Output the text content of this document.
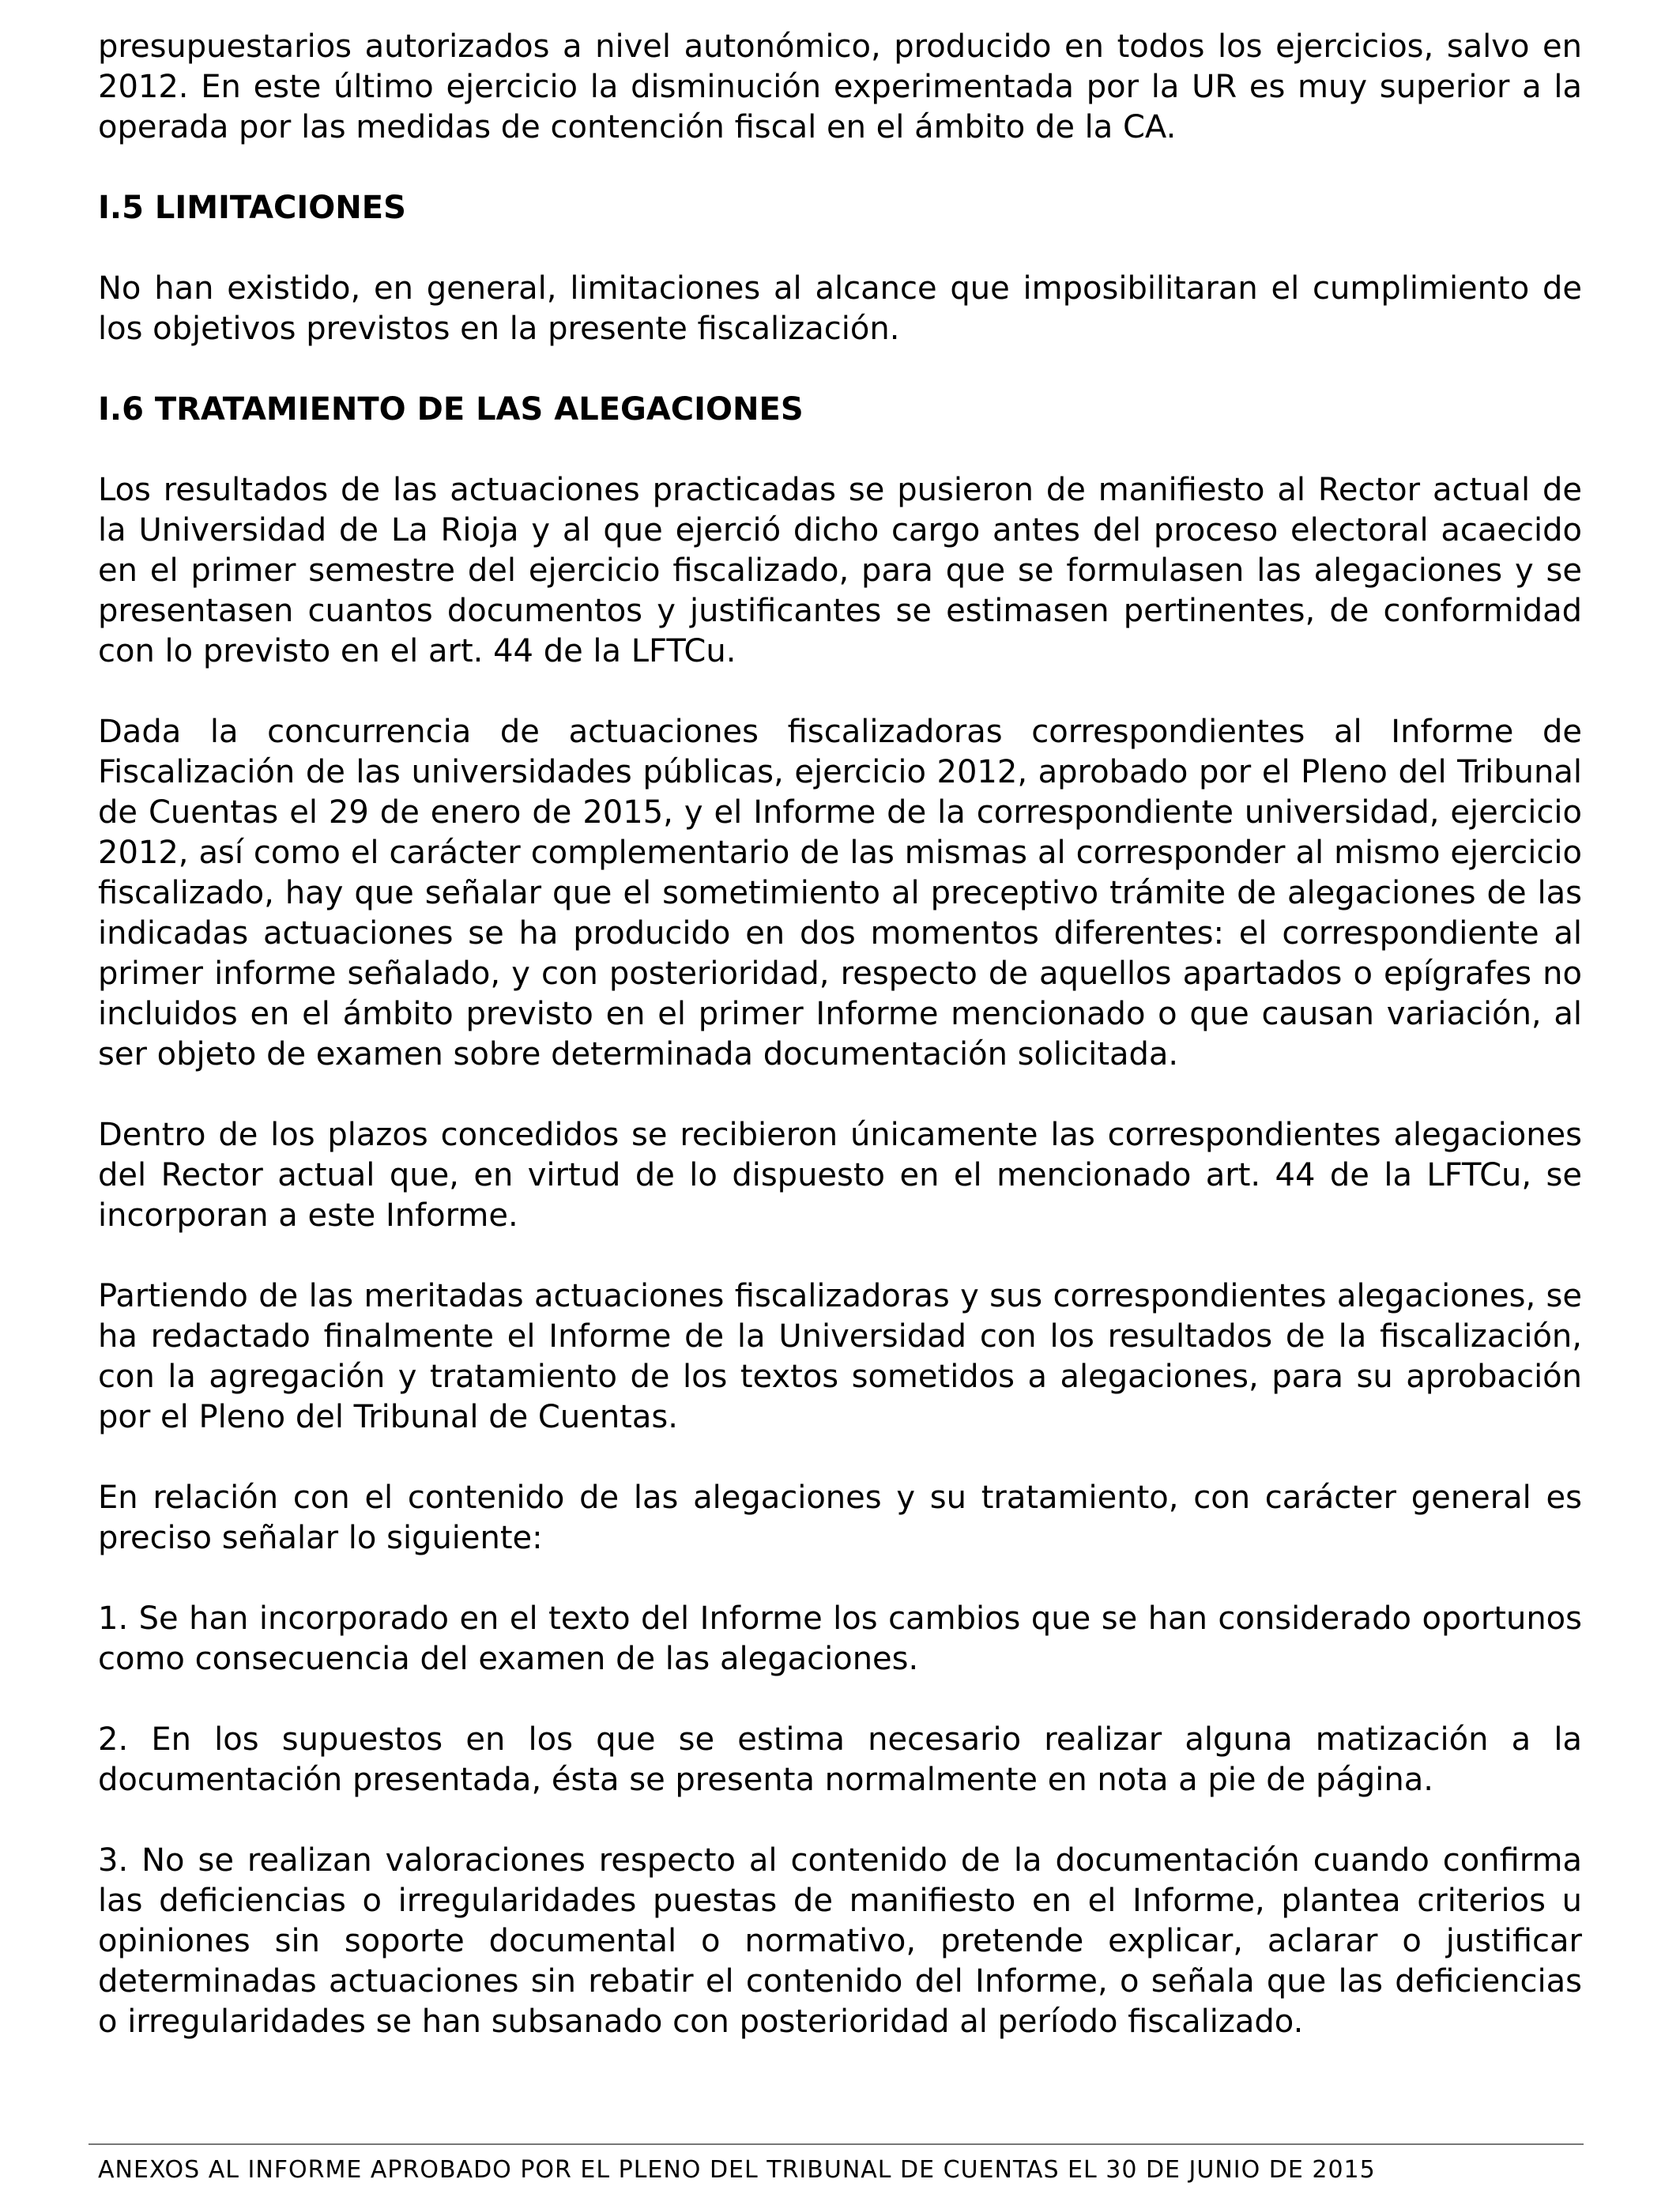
presupuestarios autorizados a nivel autonómico, producido en todos los ejercicios, salvo en 2012. En este último ejercicio la disminución experimentada por la UR es muy superior a la operada por las medidas de contención fiscal en el ámbito de la CA.

I.5 LIMITACIONES

No han existido, en general, limitaciones al alcance que imposibilitaran el cumplimiento de los objetivos previstos en la presente fiscalización.

I.6 TRATAMIENTO DE LAS ALEGACIONES

Los resultados de las actuaciones practicadas se pusieron de manifiesto al Rector actual de la Universidad de La Rioja y al que ejerció dicho cargo antes del proceso electoral acaecido en el primer semestre del ejercicio fiscalizado, para que se formulasen las alegaciones y se presentasen cuantos documentos y justificantes se estimasen pertinentes, de conformidad con lo previsto en el art. 44 de la LFTCu.

Dada la concurrencia de actuaciones fiscalizadoras correspondientes al Informe de Fiscalización de las universidades públicas, ejercicio 2012, aprobado por el Pleno del Tribunal de Cuentas el 29 de enero de 2015, y el Informe de la correspondiente universidad, ejercicio 2012, así como el carácter complementario de las mismas al corresponder al mismo ejercicio fiscalizado, hay que señalar que el sometimiento al preceptivo trámite de alegaciones de las indicadas actuaciones se ha producido en dos momentos diferentes: el correspondiente al primer informe señalado, y con posterioridad, respecto de aquellos apartados o epígrafes no incluidos en el ámbito previsto en el primer Informe mencionado o que causan variación, al ser objeto de examen sobre determinada documentación solicitada.

Dentro de los plazos concedidos se recibieron únicamente las correspondientes alegaciones del Rector actual que, en virtud de lo dispuesto en el mencionado art. 44 de la LFTCu, se incorporan a este Informe.

Partiendo de las meritadas actuaciones fiscalizadoras y sus correspondientes alegaciones, se ha redactado finalmente el Informe de la Universidad con los resultados de la fiscalización, con la agregación y tratamiento de los textos sometidos a alegaciones, para su aprobación por el Pleno del Tribunal de Cuentas.

En relación con el contenido de las alegaciones y su tratamiento, con carácter general es preciso señalar lo siguiente:

1. Se han incorporado en el texto del Informe los cambios que se han considerado oportunos como consecuencia del examen de las alegaciones.

2. En los supuestos en los que se estima necesario realizar alguna matización a la documentación presentada, ésta se presenta normalmente en nota a pie de página.

3. No se realizan valoraciones respecto al contenido de la documentación cuando confirma las deficiencias o irregularidades puestas de manifiesto en el Informe, plantea criterios u opiniones sin soporte documental o normativo, pretende explicar, aclarar o justificar determinadas actuaciones sin rebatir el contenido del Informe, o señala que las deficiencias o irregularidades se han subsanado con posterioridad al período fiscalizado.

ANEXOS AL INFORME APROBADO POR EL PLENO DEL TRIBUNAL DE CUENTAS EL 30 DE JUNIO DE 2015
